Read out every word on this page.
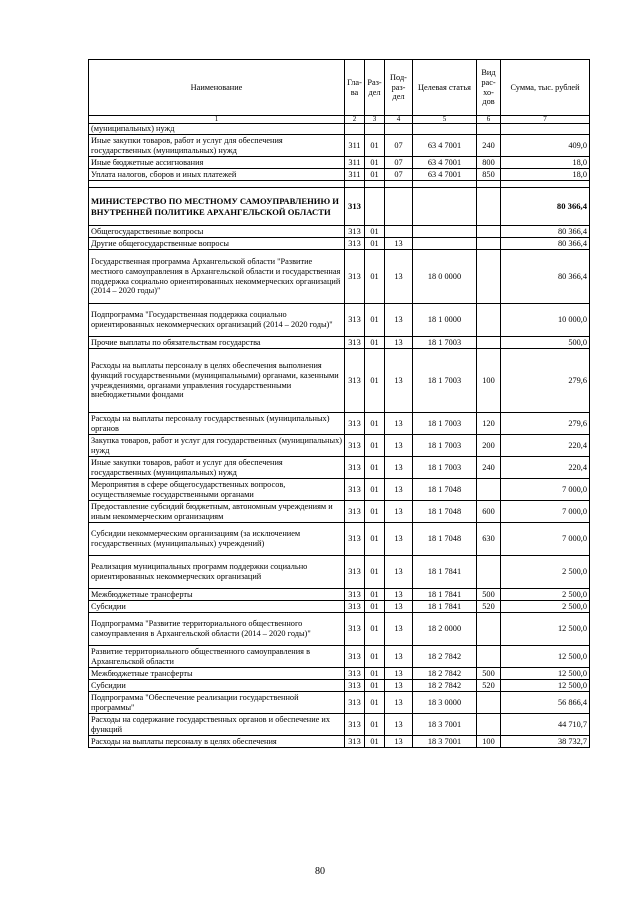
Наименование	Гла-ва	Раз-дел	Под-раз-дел	Целевая статья	Вид рас-хо-дов	Сумма, тыс. рублей
1	2	3	4	5	6	7
(муниципальных) нужд						
Иные закупки товаров, работ и услуг для обеспечения государственных (муниципальных) нужд	311	01	07	63 4 7001	240	409,0
Иные бюджетные ассигнования	311	01	07	63 4 7001	800	18,0
Уплата налогов, сборов и иных платежей	311	01	07	63 4 7001	850	18,0

МИНИСТЕРСТВО ПО МЕСТНОМУ САМОУПРАВЛЕНИЮ И ВНУТРЕННЕЙ ПОЛИТИКЕ АРХАНГЕЛЬСКОЙ ОБЛАСТИ	313					80 366,4
Общегосударственные вопросы	313	01				80 366,4
Другие общегосударственные вопросы	313	01	13			80 366,4
Государственная программа Архангельской области "Развитие местного самоуправления в Архангельской области и государственная поддержка социально ориентированных некоммерческих организаций (2014 – 2020 годы)"	313	01	13	18 0 0000		80 366,4
Подпрограмма "Государственная поддержка социально ориентированных некоммерческих организаций (2014 – 2020 годы)"	313	01	13	18 1 0000		10 000,0
Прочие выплаты по обязательствам государства	313	01	13	18 1 7003		500,0
Расходы на выплаты персоналу в целях обеспечения выполнения функций государственными (муниципальными) органами, казенными учреждениями, органами управления государственными внебюджетными фондами	313	01	13	18 1 7003	100	279,6
Расходы на выплаты персоналу государственных (муниципальных) органов	313	01	13	18 1 7003	120	279,6
Закупка товаров, работ и услуг для государственных (муниципальных) нужд	313	01	13	18 1 7003	200	220,4
Иные закупки товаров, работ и услуг для обеспечения государственных (муниципальных) нужд	313	01	13	18 1 7003	240	220,4
Мероприятия в сфере общегосударственных вопросов, осуществляемые государственными органами	313	01	13	18 1 7048		7 000,0
Предоставление субсидий бюджетным, автономным учреждениям и иным некоммерческим организациям	313	01	13	18 1 7048	600	7 000,0
Субсидии некоммерческим организациям (за исключением государственных (муниципальных) учреждений)	313	01	13	18 1 7048	630	7 000,0
Реализация муниципальных программ поддержки социально ориентированных некоммерческих организаций	313	01	13	18 1 7841		2 500,0
Межбюджетные трансферты	313	01	13	18 1 7841	500	2 500,0
Субсидии	313	01	13	18 1 7841	520	2 500,0
Подпрограмма "Развитие территориального общественного самоуправления в Архангельской области (2014 – 2020 годы)"	313	01	13	18 2 0000		12 500,0
Развитие территориального общественного самоуправления в Архангельской области	313	01	13	18 2 7842		12 500,0
Межбюджетные трансферты	313	01	13	18 2 7842	500	12 500,0
Субсидии	313	01	13	18 2 7842	520	12 500,0
Подпрограмма "Обеспечение реализации государственной программы"	313	01	13	18 3 0000		56 866,4
Расходы на содержание государственных органов и обеспечение их функций	313	01	13	18 3 7001		44 710,7
Расходы на выплаты персоналу в целях обеспечения	313	01	13	18 3 7001	100	38 732,7
80
